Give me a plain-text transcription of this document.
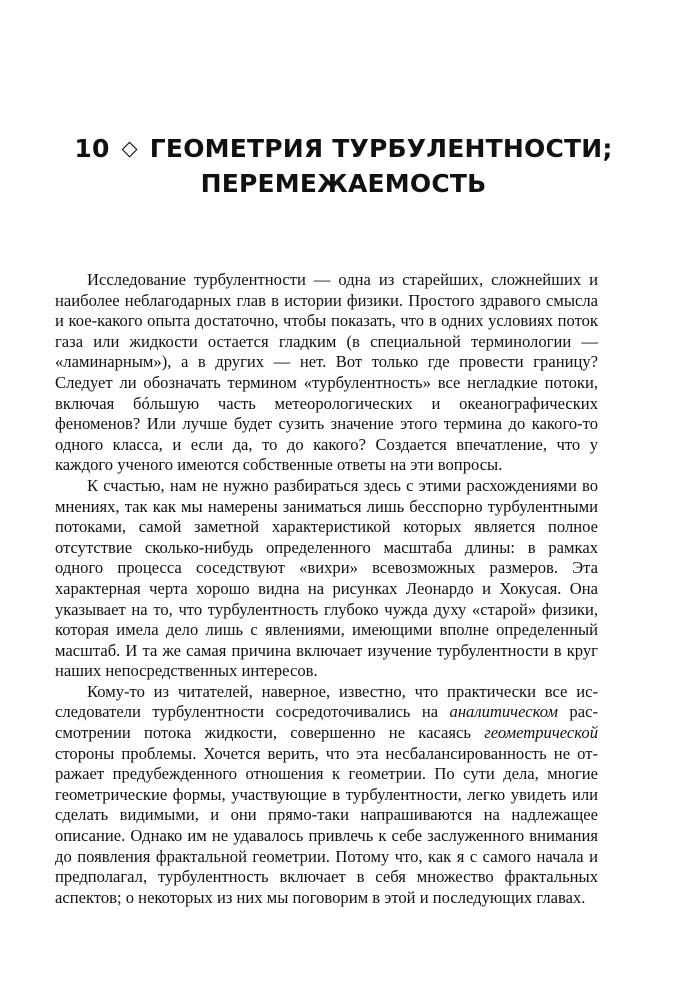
10 ◇ ГЕОМЕТРИЯ ТУРБУЛЕНТНОСТИ;
ПЕРЕМЕЖАЕМОСТЬ

Исследование турбулентности — одна из старейших, сложнейших и наиболее неблагодарных глав в истории физики. Простого здравого смысла и кое-какого опыта достаточно, чтобы показать, что в одних условиях поток газа или жидкости остается гладким (в специальной терминологии — «ламинарным»), а в других — нет. Вот только где провести границу? Следует ли обозначать термином «турбулентность» все негладкие потоки, включая бóльшую часть метеорологических и океанографических феноменов? Или лучше будет сузить значение этого термина до какого-то одного класса, и если да, то до какого? Создается впечатление, что у каждого ученого имеются собственные ответы на эти вопросы.

К счастью, нам не нужно разбираться здесь с этими расхождениями во мнениях, так как мы намерены заниматься лишь бесспорно турбулентными потоками, самой заметной характеристикой которых является полное отсутствие сколько-нибудь определенного масштаба длины: в рамках одного процесса соседствуют «вихри» всевозможных размеров. Эта характерная черта хорошо видна на рисунках Леонардо и Хокусая. Она указывает на то, что турбулентность глубоко чужда духу «старой» физики, которая имела дело лишь с явлениями, имеющими вполне определенный масштаб. И та же самая причина включает изучение турбулентности в круг наших непосредственных интересов.

Кому-то из читателей, наверное, известно, что практически все исследователи турбулентности сосредоточивались на аналитическом рассмотрении потока жидкости, совершенно не касаясь геометрической стороны проблемы. Хочется верить, что эта несбалансированность не отражает предубежденного отношения к геометрии. По сути дела, многие геометрические формы, участвующие в турбулентности, легко увидеть или сделать видимыми, и они прямо-таки напрашиваются на надлежащее описание. Однако им не удавалось привлечь к себе заслуженного внимания до появления фрактальной геометрии. Потому что, как я с самого начала и предполагал, турбулентность включает в себя множество фрактальных аспектов; о некоторых из них мы поговорим в этой и последующих главах.
